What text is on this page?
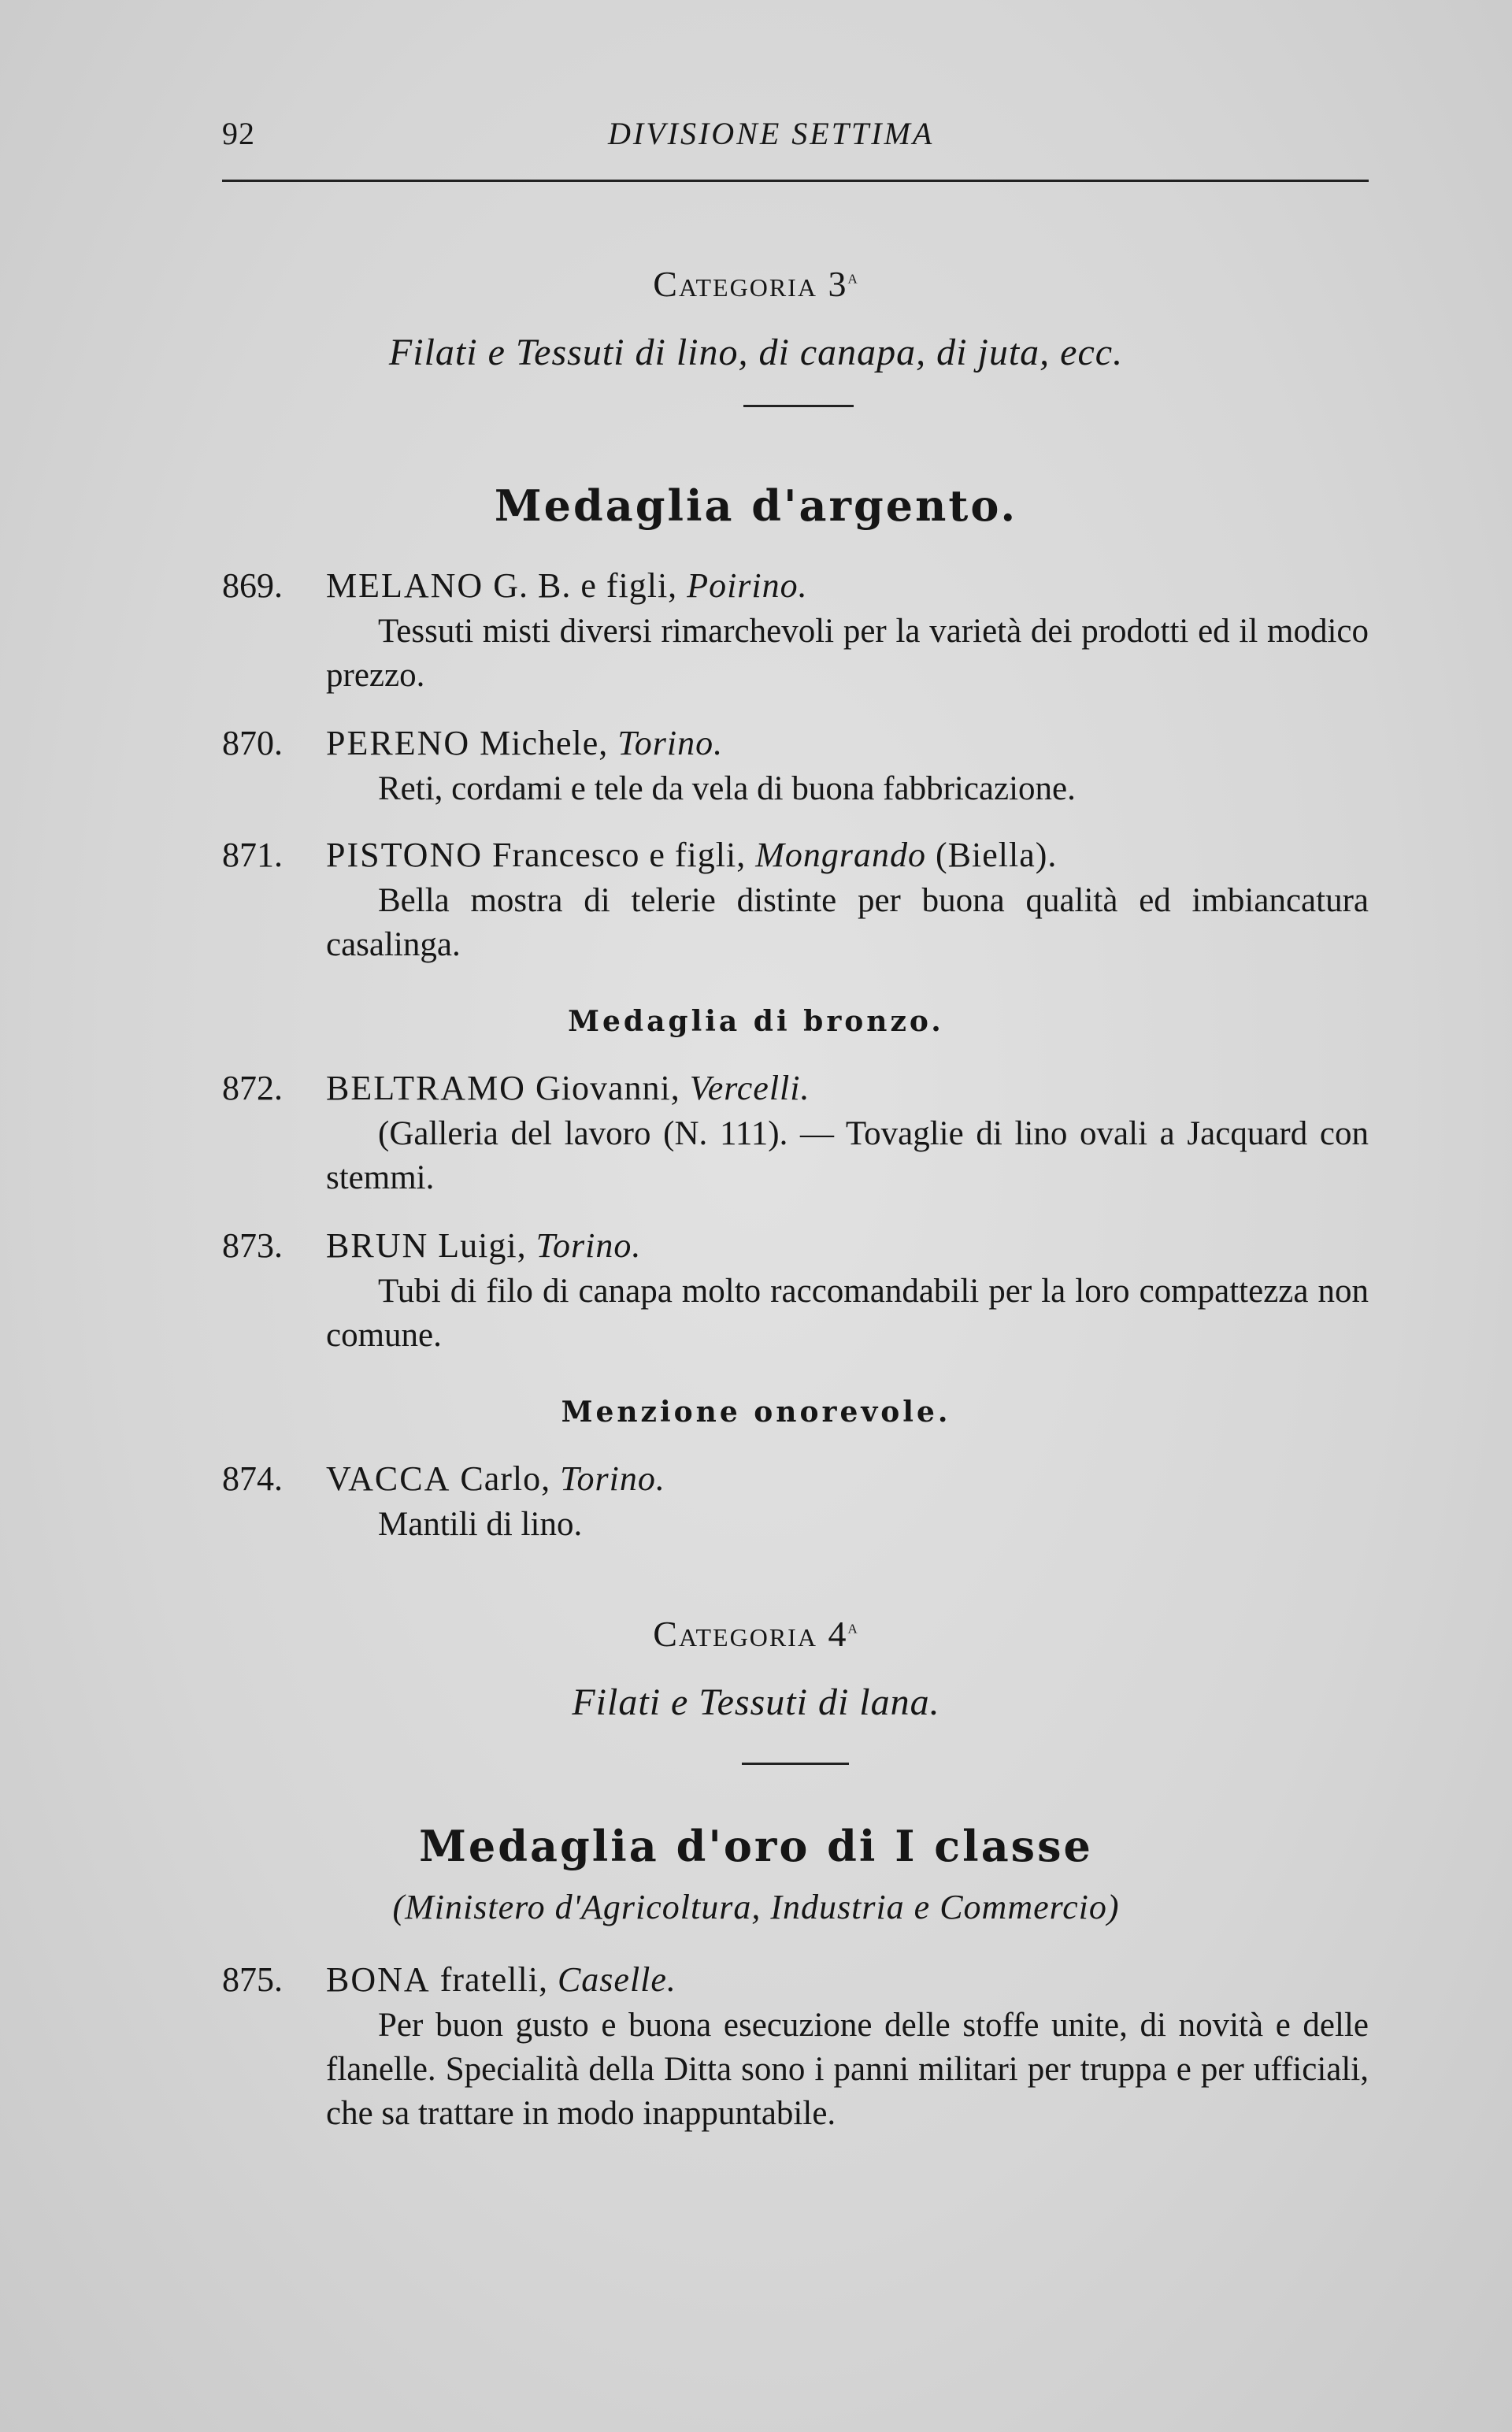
92	DIVISIONE SETTIMA
Categoria 3$^a$
Filati e Tessuti di lino, di canapa, di juta, ecc.
Medaglia d'argento.
869. MELANO G. B. e figli, Poirino.
Tessuti misti diversi rimarchevoli per la varietà dei prodotti ed il modico prezzo.
870. PERENO Michele, Torino.
Reti, cordami e tele da vela di buona fabbricazione.
871. PISTONO Francesco e figli, Mongrando (Biella).
Bella mostra di telerie distinte per buona qualità ed imbiancatura casalinga.
Medaglia di bronzo.
872. BELTRAMO Giovanni, Vercelli.
(Galleria del lavoro (N. 111). — Tovaglie di lino ovali a Jacquard con stemmi.
873. BRUN Luigi, Torino.
Tubi di filo di canapa molto raccomandabili per la loro compattezza non comune.
Menzione onorevole.
874. VACCA Carlo, Torino.
Mantili di lino.
Categoria 4$^a$
Filati e Tessuti di lana.
Medaglia d'oro di I classe
(Ministero d'Agricoltura, Industria e Commercio)
875. BONA fratelli, Caselle.
Per buon gusto e buona esecuzione delle stoffe unite, di novità e delle flanelle. Specialità della Ditta sono i panni militari per truppa e per ufficiali, che sa trattare in modo inappuntabile.
